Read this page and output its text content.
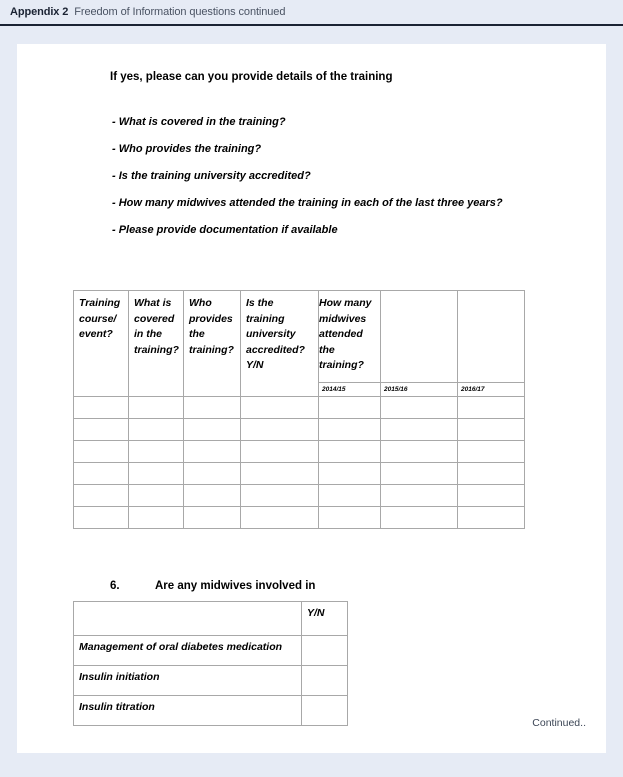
Appendix 2 Freedom of Information questions continued
If yes, please can you provide details of the training
- What is covered in the training?
- Who provides the training?
- Is the training university accredited?
- How many midwives attended the training in each of the last three years?
- Please provide documentation if available
Training course/ event?	What is covered in the training?	Who provides the training?	Is the training university accredited? Y/N	How many midwives attended the training?
2014/15	2015/16	2016/17

6.	Are any midwives involved in
	Y/N
Management of oral diabetes medication	
Insulin initiation	
Insulin titration	
Continued..
